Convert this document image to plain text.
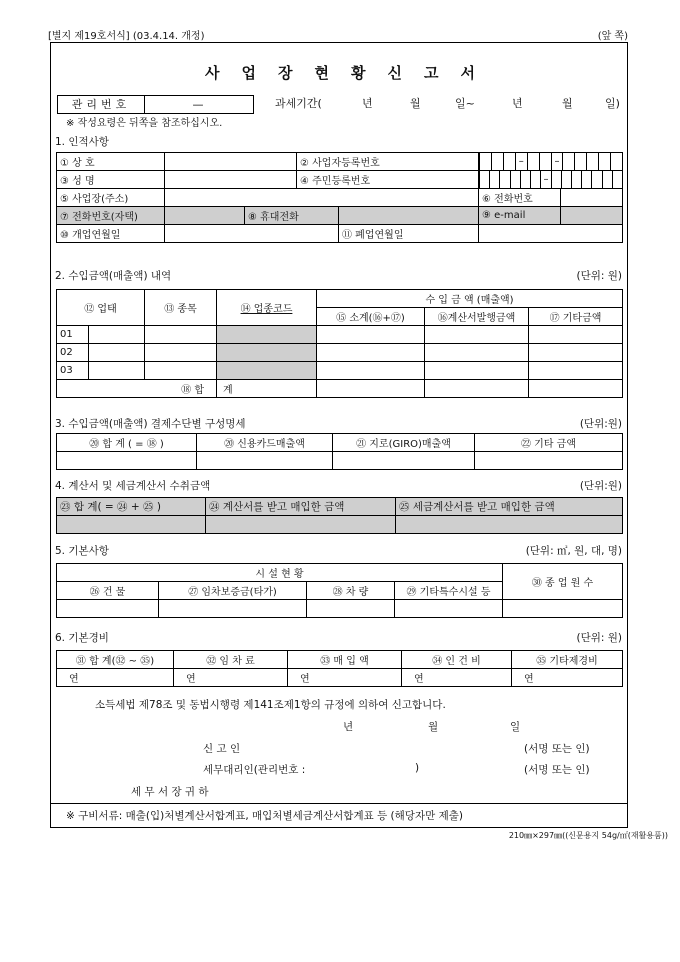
[별지 제19호서식] (03.4.14. 개정)	(앞 쪽)
사업장현황신고서
관리번호	—	과세기간(	년	월	일~	년	월	일)
※ 작성요령은 뒤쪽을 참조하십시오.
1. 인적사항
① 상 호			② 사업자등록번호		– –	

③ 성 명			④ 주민등록번호		–	

⑤ 사업장(주소)					⑥ 전화번호	
⑦ 전화번호(자택)		⑧ 휴대전화			⑨ e-mail	
⑩ 개업연월일				⑪ 폐업연월일		
2. 수입금액(매출액) 내역	(단위: 원)
⑫ 업태		⑬ 종목	⑭ 업종코드	수 입 금 액 (매출액)		
				⑮ 소계(⑯+⑰)	⑯계산서발행금액	⑰ 기타금액
01						
02						
03						
⑱ 합			계			
3. 수입금액(매출액) 결제수단별 구성명세	(단위:원)
⑳ 합 계 ( = ⑱ )	⑳ 신용카드매출액	㉑ 지로(GIRO)매출액	㉒ 기타 금액

4. 계산서 및 세금계산서 수취금액	(단위:원)
㉓ 합 계( = ㉔ + ㉕ )	㉔ 계산서를 받고 매입한 금액	㉕ 세금계산서를 받고 매입한 금액

5. 기본사항	(단위: ㎡, 원, 대, 명)
시 설 현 황				㉚ 종 업 원 수
㉖ 건 물	㉗ 임차보증금(타가)	㉘ 차 량	㉙ 기타특수시설 등	

6. 기본경비	(단위: 원)
㉛ 합 계(㉜ ~ ㉟)	㉜ 임 차 료	㉝ 매 입 액	㉞ 인 건 비	㉟ 기타제경비
연	연	연	연	연
소득세법 제78조 및 동법시행령 제141조제1항의 규정에 의하여 신고합니다.
년	월	일
신 고 인	(서명 또는 인)
세무대리인(관리번호 :	)	(서명 또는 인)
세 무 서 장 귀 하
※ 구비서류: 매출(입)처별계산서합계표, 매입처별세금계산서합계표 등 (해당자만 제출)
210㎜×297㎜((신문용지 54g/㎡(재활용품))
